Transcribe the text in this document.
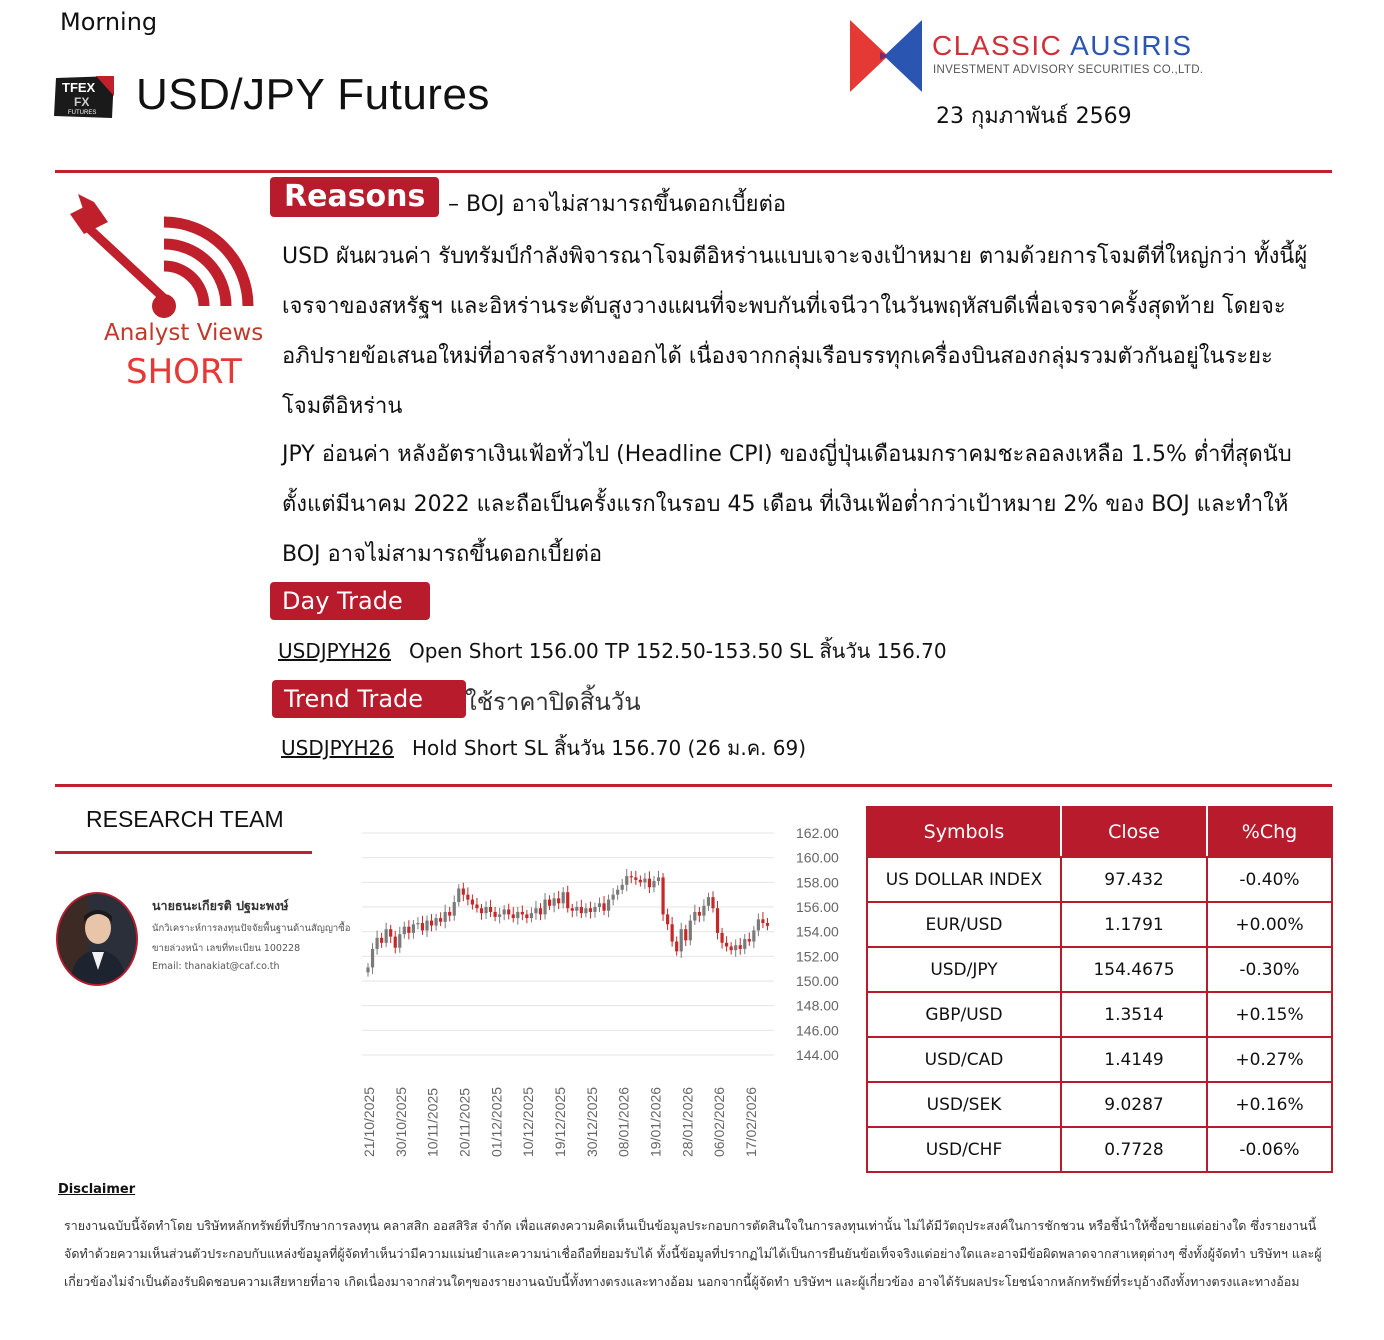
Morning
TFEX
FX
FUTURES USD/JPY Futures
CLASSIC AUSIRIS
INVESTMENT ADVISORY SECURITIES CO.,LTD.
23 กุมภาพันธ์ 2569
Analyst Views
SHORT
Reasons	– BOJ อาจไม่สามารถขึ้นดอกเบี้ยต่อ
USD ผันผวนค่า รับทรัมป์กำลังพิจารณาโจมตีอิหร่านแบบเจาะจงเป้าหมาย ตามด้วยการโจมตีที่ใหญ่กว่า ทั้งนี้ผู้เจรจาของสหรัฐฯ และอิหร่านระดับสูงวางแผนที่จะพบกันที่เจนีวาในวันพฤหัสบดีเพื่อเจรจาครั้งสุดท้าย โดยจะอภิปรายข้อเสนอใหม่ที่อาจสร้างทางออกได้ เนื่องจากกลุ่มเรือบรรทุกเครื่องบินสองกลุ่มรวมตัวกันอยู่ในระยะโจมตีอิหร่าน
JPY อ่อนค่า หลังอัตราเงินเฟ้อทั่วไป (Headline CPI) ของญี่ปุ่นเดือนมกราคมชะลอลงเหลือ 1.5% ต่ำที่สุดนับตั้งแต่มีนาคม 2022 และถือเป็นครั้งแรกในรอบ 45 เดือน ที่เงินเฟ้อต่ำกว่าเป้าหมาย 2% ของ BOJ และทำให้ BOJ อาจไม่สามารถขึ้นดอกเบี้ยต่อ
Day Trade
USDJPYH26 Open Short 156.00 TP 152.50-153.50 SL สิ้นวัน 156.70
Trend Trade	ใช้ราคาปิดสิ้นวัน
USDJPYH26 Hold Short SL สิ้นวัน 156.70 (26 ม.ค. 69)
RESEARCH TEAM
นายธนะเกียรติ ปฐมะพงษ์
นักวิเคราะห์การลงทุนปัจจัยพื้นฐานด้านสัญญาซื้อ
ขายล่วงหน้า เลขที่ทะเบียน 100228
Email: thanakiat@caf.co.th
162.00
160.00
158.00
156.00
154.00
152.00
150.00
148.00
146.00
144.00
21/10/2025 30/10/2025 10/11/2025 20/11/2025 01/12/2025 10/12/2025 19/12/2025 30/12/2025 08/01/2026 19/01/2026 28/01/2026 06/02/2026 17/02/2026
Symbols	Close	%Chg
US DOLLAR INDEX	97.432	-0.40%
EUR/USD	1.1791	+0.00%
USD/JPY	154.4675	-0.30%
GBP/USD	1.3514	+0.15%
USD/CAD	1.4149	+0.27%
USD/SEK	9.0287	+0.16%
USD/CHF	0.7728	-0.06%
Disclaimer
รายงานฉบับนี้จัดทำโดย บริษัทหลักทรัพย์ที่ปรึกษาการลงทุน คลาสสิก ออสสิริส จำกัด เพื่อแสดงความคิดเห็นเป็นข้อมูลประกอบการตัดสินใจในการลงทุนเท่านั้น ไม่ได้มีวัตถุประสงค์ในการชักชวน หรือชี้นำให้ซื้อขายแต่อย่างใด ซึ่งรายงานนี้ จัดทำด้วยความเห็นส่วนตัวประกอบกับแหล่งข้อมูลที่ผู้จัดทำเห็นว่ามีความแม่นยำและความน่าเชื่อถือที่ยอมรับได้ ทั้งนี้ข้อมูลที่ปรากฏไม่ได้เป็นการยืนยันข้อเท็จจริงแต่อย่างใดและอาจมีข้อผิดพลาดจากสาเหตุต่างๆ ซึ่งทั้งผู้จัดทำ บริษัทฯ และผู้เกี่ยวข้องไม่จำเป็นต้องรับผิดชอบความเสียหายที่อาจ เกิดเนื่องมาจากส่วนใดๆของรายงานฉบับนี้ทั้งทางตรงและทางอ้อม นอกจากนี้ผู้จัดทำ บริษัทฯ และผู้เกี่ยวข้อง อาจได้รับผลประโยชน์จากหลักทรัพย์ที่ระบุอ้างถึงทั้งทางตรงและทางอ้อม
